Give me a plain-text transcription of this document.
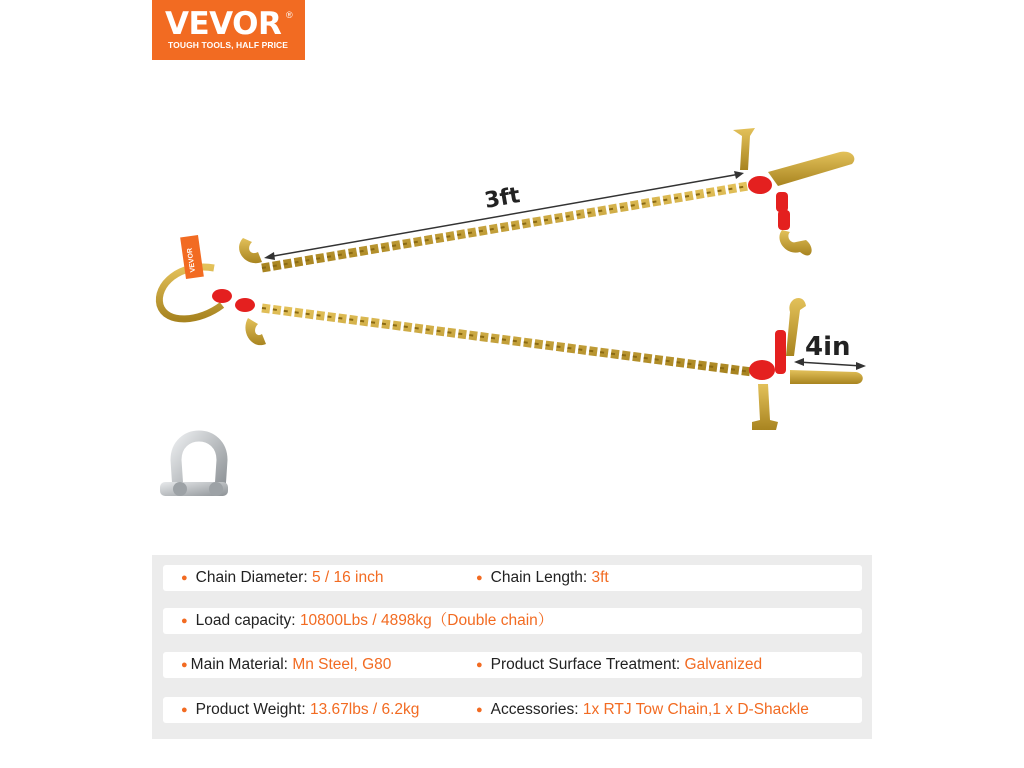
VEVOR ®
TOUGH TOOLS, HALF PRICE
VEVOR
3ft
4in
● Chain Diameter: 5 / 16 inch	● Chain Length: 3ft
● Load capacity: 10800Lbs / 4898kg（Double chain）
● Main Material: Mn Steel, G80	● Product Surface Treatment: Galvanized
● Product Weight: 13.67lbs / 6.2kg	● Accessories: 1x RTJ Tow Chain,1 x D-Shackle
